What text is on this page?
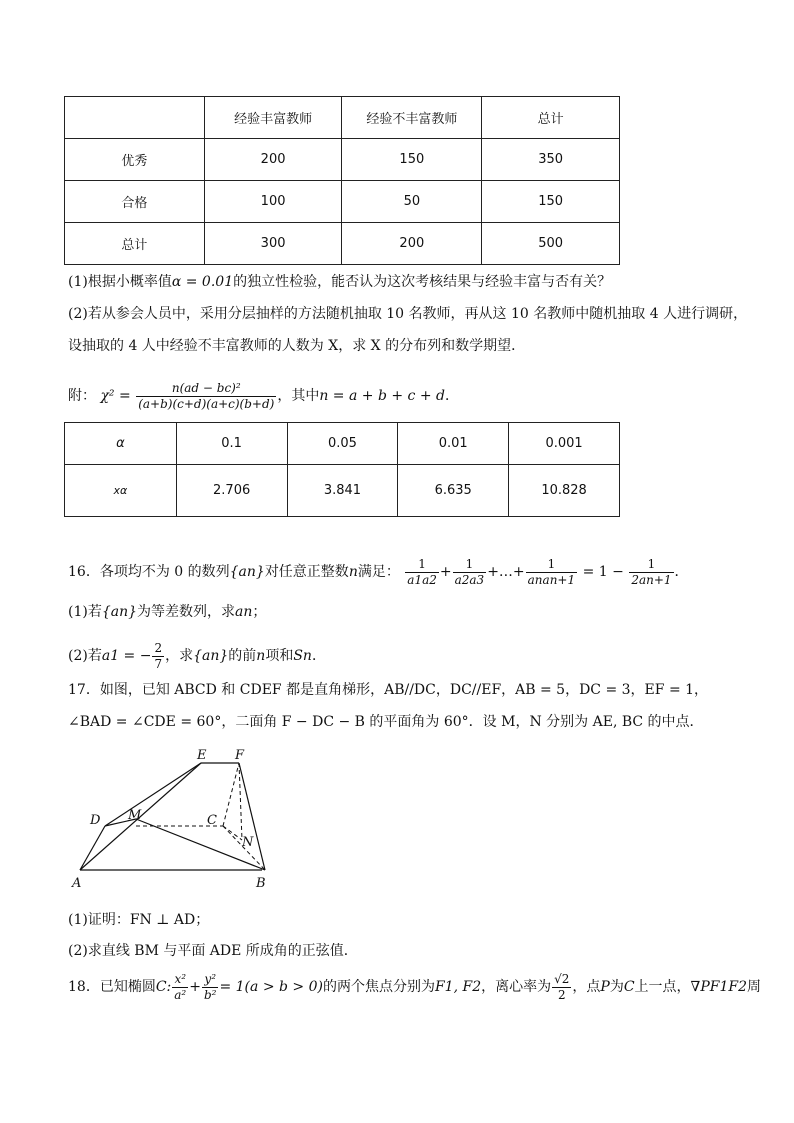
	经验丰富教师	经验不丰富教师	总计
优秀	200	150	350
合格	100	50	150
总计	300	200	500
(1)根据小概率值α = 0.01的独立性检验，能否认为这次考核结果与经验丰富与否有关？
(2)若从参会人员中，采用分层抽样的方法随机抽取 10 名教师，再从这 10 名教师中随机抽取 4 人进行调研，
设抽取的 4 人中经验不丰富教师的人数为 X，求 X 的分布列和数学期望．
附： $\chi^2 = \frac{\text{n(ad − bc)²}}{(a+b)(c+d)(a+c)(b+d)}$ ，其中n = a + b + c + d．
α	0.1	0.05	0.01	0.001
xα	2.706	3.841	6.635	10.828
16．各项均不为 0 的数列{an}对任意正整数n满足： $\frac{1}{a1a2} + \frac{1}{a2a3}$ +…+ $\frac{1}{\text{anan+1}} = 1 - \frac{1}{2an+1}$ ．
(1)若{an}为等差数列，求an；
(2)若a1 = − $\frac{2}{7}$ ，求{an}的前n项和Sn．
17．如图，已知 ABCD 和 CDEF 都是直角梯形，AB//DC，DC//EF，AB = 5，DC = 3，EF = 1，
∠BAD = ∠CDE = 60°，二面角 F − DC − B 的平面角为 60°．设 M，N 分别为 AE, BC 的中点．
A	B
C
D
E F
M
N
(1)证明：FN ⊥ AD；
(2)求直线 BM 与平面 ADE 所成角的正弦值．
18．已知椭圆C: $\frac{\text{x²}}{\text{a²}} + \frac{\text{y²}}{\text{b²}} = 1(a > b > 0)$的两个焦点分别为F1, F2，离心率为 $\frac{√2}{2}$ ，点P为C上一点，∇PF1F2周
